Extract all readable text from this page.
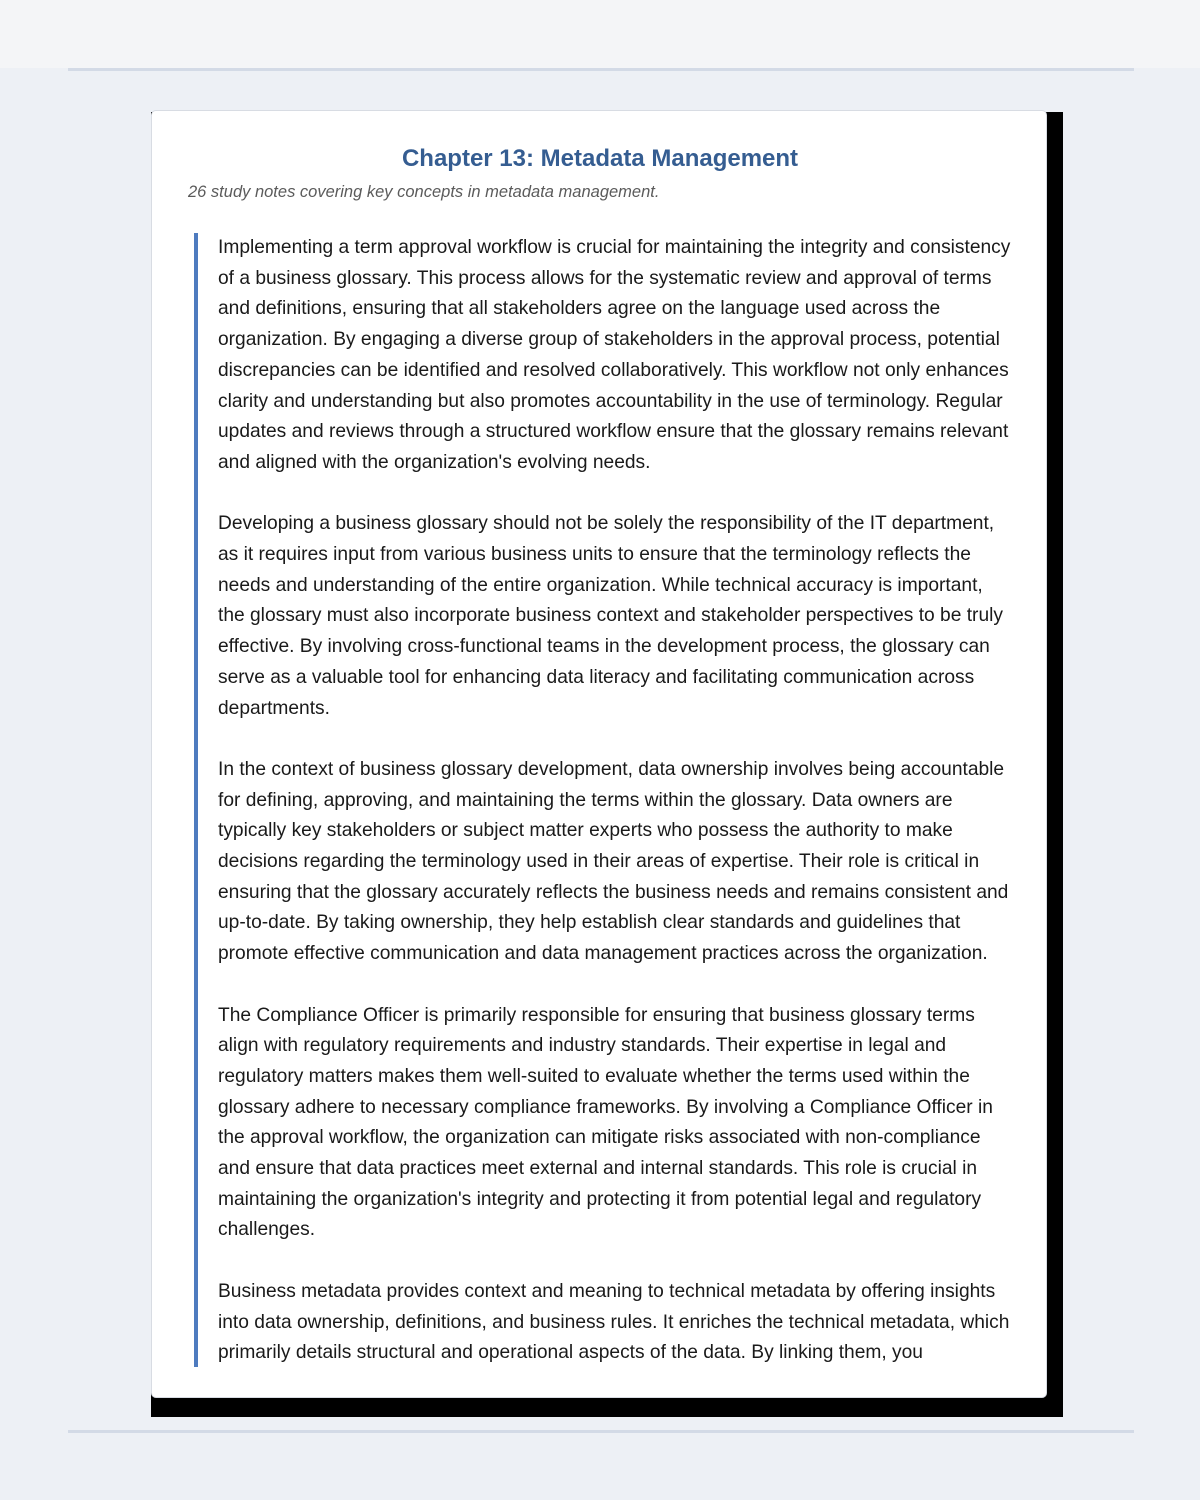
Chapter 13: Metadata Management

26 study notes covering key concepts in metadata management.

Implementing a term approval workflow is crucial for maintaining the integrity and consistency of a business glossary. This process allows for the systematic review and approval of terms and definitions, ensuring that all stakeholders agree on the language used across the organization. By engaging a diverse group of stakeholders in the approval process, potential discrepancies can be identified and resolved collaboratively. This workflow not only enhances clarity and understanding but also promotes accountability in the use of terminology. Regular updates and reviews through a structured workflow ensure that the glossary remains relevant and aligned with the organization's evolving needs.

Developing a business glossary should not be solely the responsibility of the IT department, as it requires input from various business units to ensure that the terminology reflects the needs and understanding of the entire organization. While technical accuracy is important, the glossary must also incorporate business context and stakeholder perspectives to be truly effective. By involving cross-functional teams in the development process, the glossary can serve as a valuable tool for enhancing data literacy and facilitating communication across departments.

In the context of business glossary development, data ownership involves being accountable for defining, approving, and maintaining the terms within the glossary. Data owners are typically key stakeholders or subject matter experts who possess the authority to make decisions regarding the terminology used in their areas of expertise. Their role is critical in ensuring that the glossary accurately reflects the business needs and remains consistent and up-to-date. By taking ownership, they help establish clear standards and guidelines that promote effective communication and data management practices across the organization.

The Compliance Officer is primarily responsible for ensuring that business glossary terms align with regulatory requirements and industry standards. Their expertise in legal and regulatory matters makes them well-suited to evaluate whether the terms used within the glossary adhere to necessary compliance frameworks. By involving a Compliance Officer in the approval workflow, the organization can mitigate risks associated with non-compliance and ensure that data practices meet external and internal standards. This role is crucial in maintaining the organization's integrity and protecting it from potential legal and regulatory challenges.

Business metadata provides context and meaning to technical metadata by offering insights into data ownership, definitions, and business rules. It enriches the technical metadata, which primarily details structural and operational aspects of the data. By linking them, you
